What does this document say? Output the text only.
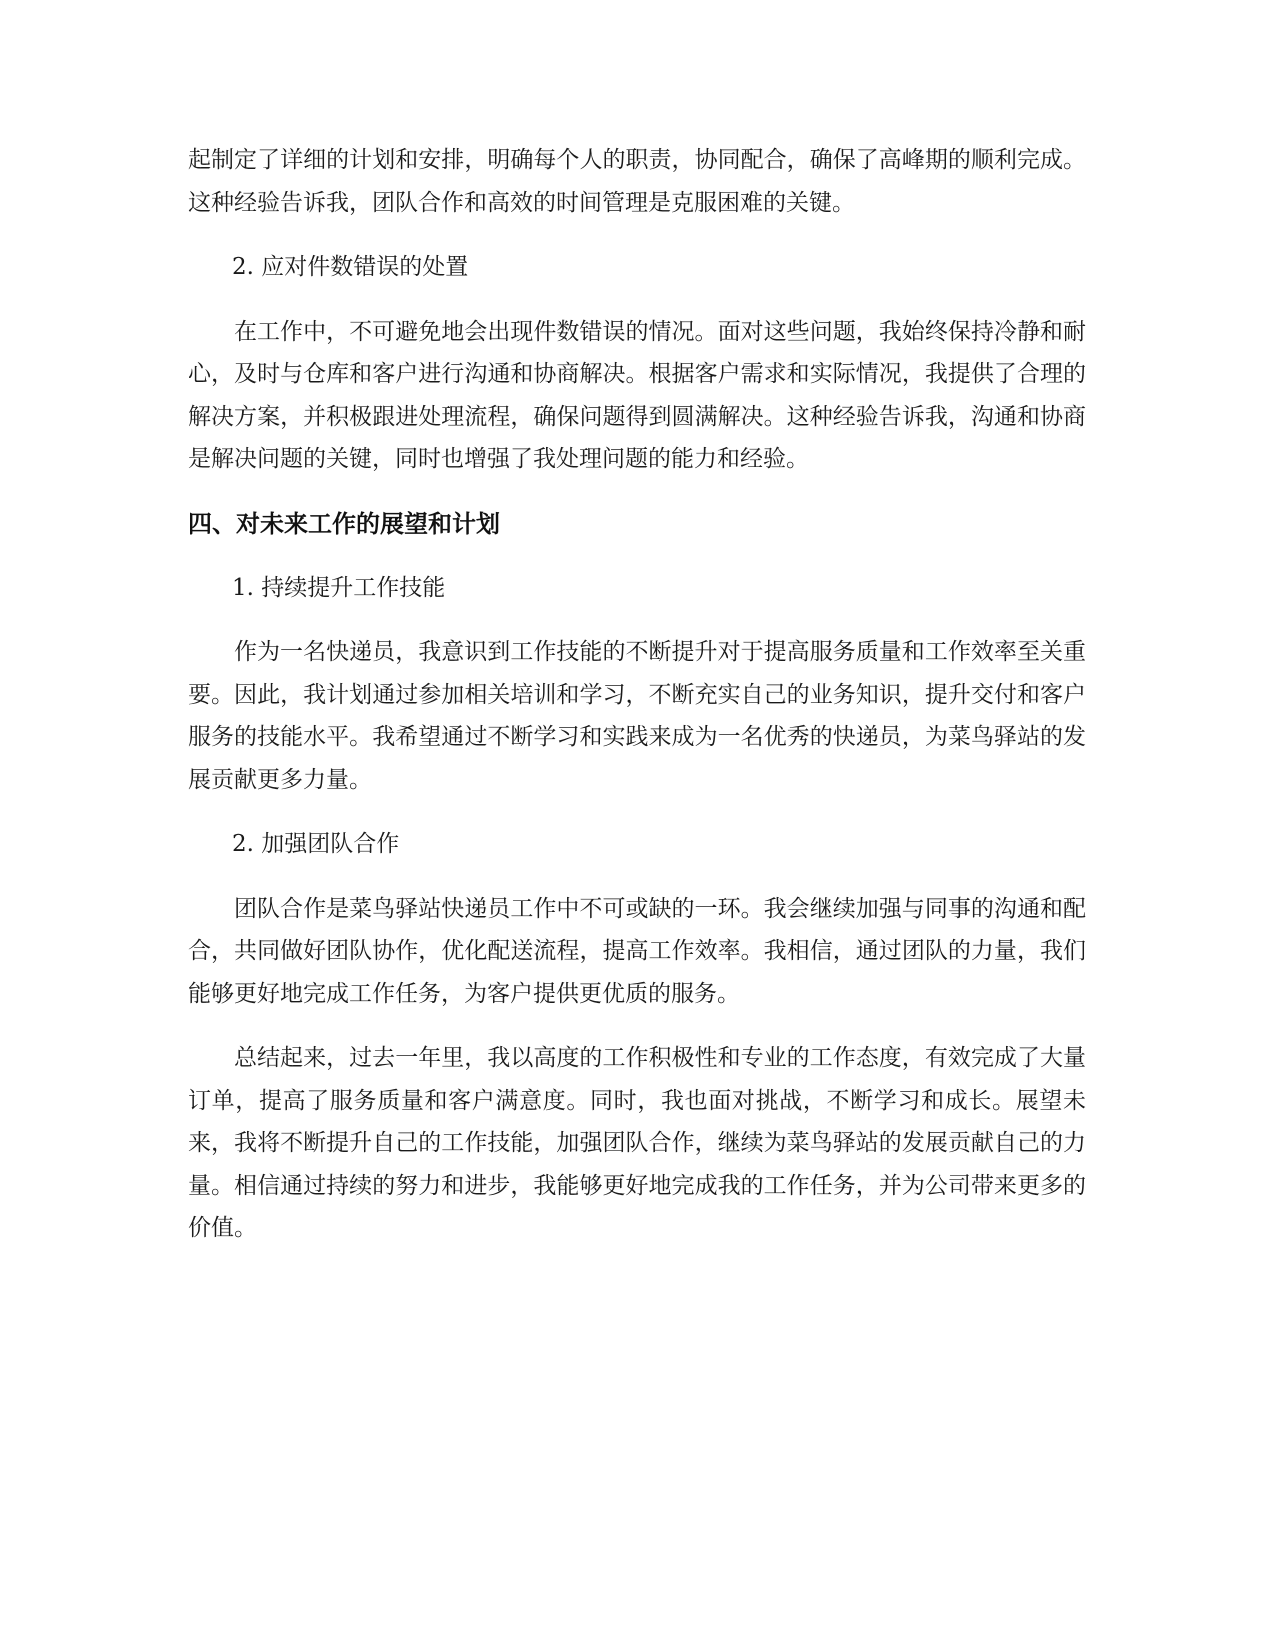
起制定了详细的计划和安排，明确每个人的职责，协同配合，确保了高峰期的顺利完成。这种经验告诉我，团队合作和高效的时间管理是克服困难的关键。

2. 应对件数错误的处置

在工作中，不可避免地会出现件数错误的情况。面对这些问题，我始终保持冷静和耐心，及时与仓库和客户进行沟通和协商解决。根据客户需求和实际情况，我提供了合理的解决方案，并积极跟进处理流程，确保问题得到圆满解决。这种经验告诉我，沟通和协商是解决问题的关键，同时也增强了我处理问题的能力和经验。

四、对未来工作的展望和计划

1. 持续提升工作技能

作为一名快递员，我意识到工作技能的不断提升对于提高服务质量和工作效率至关重要。因此，我计划通过参加相关培训和学习，不断充实自己的业务知识，提升交付和客户服务的技能水平。我希望通过不断学习和实践来成为一名优秀的快递员，为菜鸟驿站的发展贡献更多力量。

2. 加强团队合作

团队合作是菜鸟驿站快递员工作中不可或缺的一环。我会继续加强与同事的沟通和配合，共同做好团队协作，优化配送流程，提高工作效率。我相信，通过团队的力量，我们能够更好地完成工作任务，为客户提供更优质的服务。

总结起来，过去一年里，我以高度的工作积极性和专业的工作态度，有效完成了大量订单，提高了服务质量和客户满意度。同时，我也面对挑战，不断学习和成长。展望未来，我将不断提升自己的工作技能，加强团队合作，继续为菜鸟驿站的发展贡献自己的力量。相信通过持续的努力和进步，我能够更好地完成我的工作任务，并为公司带来更多的价值。
